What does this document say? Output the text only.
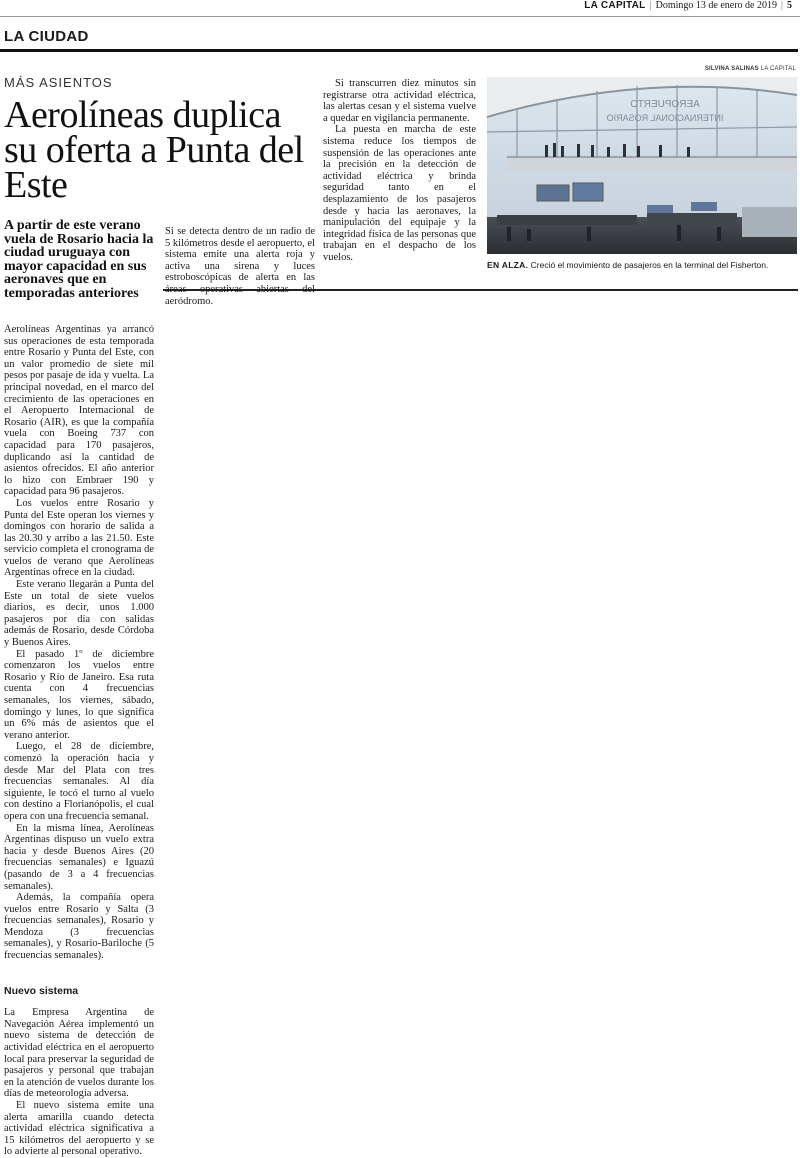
LA CAPITAL | Domingo 13 de enero de 2019 | 5
LA CIUDAD
MÁS ASIENTOS
Aerolíneas duplica su oferta a Punta del Este
A partir de este verano vuela de Rosario hacia la ciudad uruguaya con mayor capacidad en sus aeronaves que en temporadas anteriores

Aerolíneas Argentinas ya arrancó sus operaciones de esta temporada entre Rosario y Punta del Este, con un valor promedio de siete mil pesos por pasaje de ida y vuelta. La principal novedad, en el marco del crecimiento de las operaciones en el Aeropuerto Internacional de Rosario (AIR), es que la compañía vuela con Boeing 737 con capacidad para 170 pasajeros, duplicando así la cantidad de asientos ofrecidos. El año anterior lo hizo con Embraer 190 y capacidad para 96 pasajeros.

Los vuelos entre Rosario y Punta del Este operan los viernes y domingos con horario de salida a las 20.30 y arribo a las 21.50. Este servicio completa el cronograma de vuelos de verano que Aerolíneas Argentinas ofrece en la ciudad.

Este verano llegarán a Punta del Este un total de siete vuelos diarios, es decir, unos 1.000 pasajeros por día con salidas además de Rosario, desde Córdoba y Buenos Aires.

El pasado 1º de diciembre comenzaron los vuelos entre Rosario y Río de Janeiro. Esa ruta cuenta con 4 frecuencias semanales, los viernes, sábado, domingo y lunes, lo que significa un 6% más de asientos que el verano anterior.

Luego, el 28 de diciembre, comenzó la operación hacia y desde Mar del Plata con tres frecuencias semanales. Al día siguiente, le tocó el turno al vuelo con destino a Florianópolis, el cual opera con una frecuencia semanal.

En la misma línea, Aerolíneas Argentinas dispuso un vuelo extra hacia y desde Buenos Aires (20 frecuencias semanales) e Iguazú (pasando de 3 a 4 frecuencias semanales).

Además, la compañía opera vuelos entre Rosario y Salta (3 frecuencias semanales), Rosario y Mendoza (3 frecuencias semanales), y Rosario-Bariloche (5 frecuencias semanales).

Nuevo sistema

La Empresa Argentina de Navegación Aérea implementó un nuevo sistema de detección de actividad eléctrica en el aeropuerto local para preservar la seguridad de pasajeros y personal que trabajan en la atención de vuelos durante los días de meteorología adversa.

El nuevo sistema emite una alerta amarilla cuando detecta actividad eléctrica significativa a 15 kilómetros del aeropuerto y se lo advierte al personal operativo.

Si se detecta dentro de un radio de 5 kilómetros desde el aeropuerto, el sistema emite una alerta roja y activa una sirena y luces estroboscópicas de alerta en las áreas operativas abiertas del aeródromo.

Si transcurren diez minutos sin registrarse otra actividad eléctrica, las alertas cesan y el sistema vuelve a quedar en vigilancia permanente.

La puesta en marcha de este sistema reduce los tiempos de suspensión de las operaciones ante la precisión en la detección de actividad eléctrica y brinda seguridad tanto en el desplazamiento de los pasajeros desde y hacia las aeronaves, la manipulación del equipaje y la integridad física de las personas que trabajan en el despacho de los vuelos.

SILVINA SALINAS LA CAPITAL
AEROPUERTO
INTERNACIONAL ROSARIO
EN ALZA. Creció el movimiento de pasajeros en la terminal del Fisherton.
